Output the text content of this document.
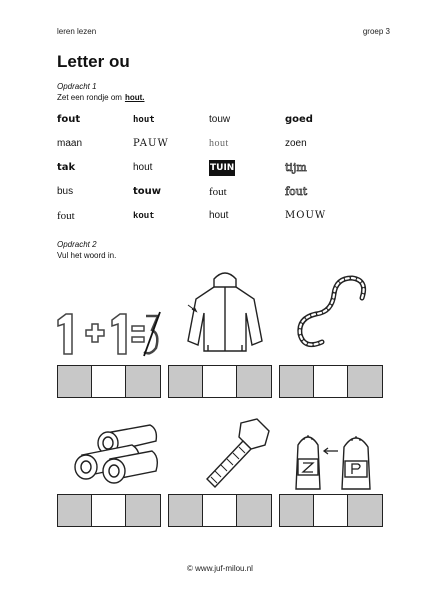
leren lezen	groep 3
Letter ou
Opdracht 1
Zet een rondje om hout.
fout	hout	touw	goed
maan	PAUW	hout	zoen
tak	hout	TUIN	tijm
bus	touw	fout	fout
fout	kout	hout	MOUW
Opdracht 2
Vul het woord in.
© www.juf-milou.nl
